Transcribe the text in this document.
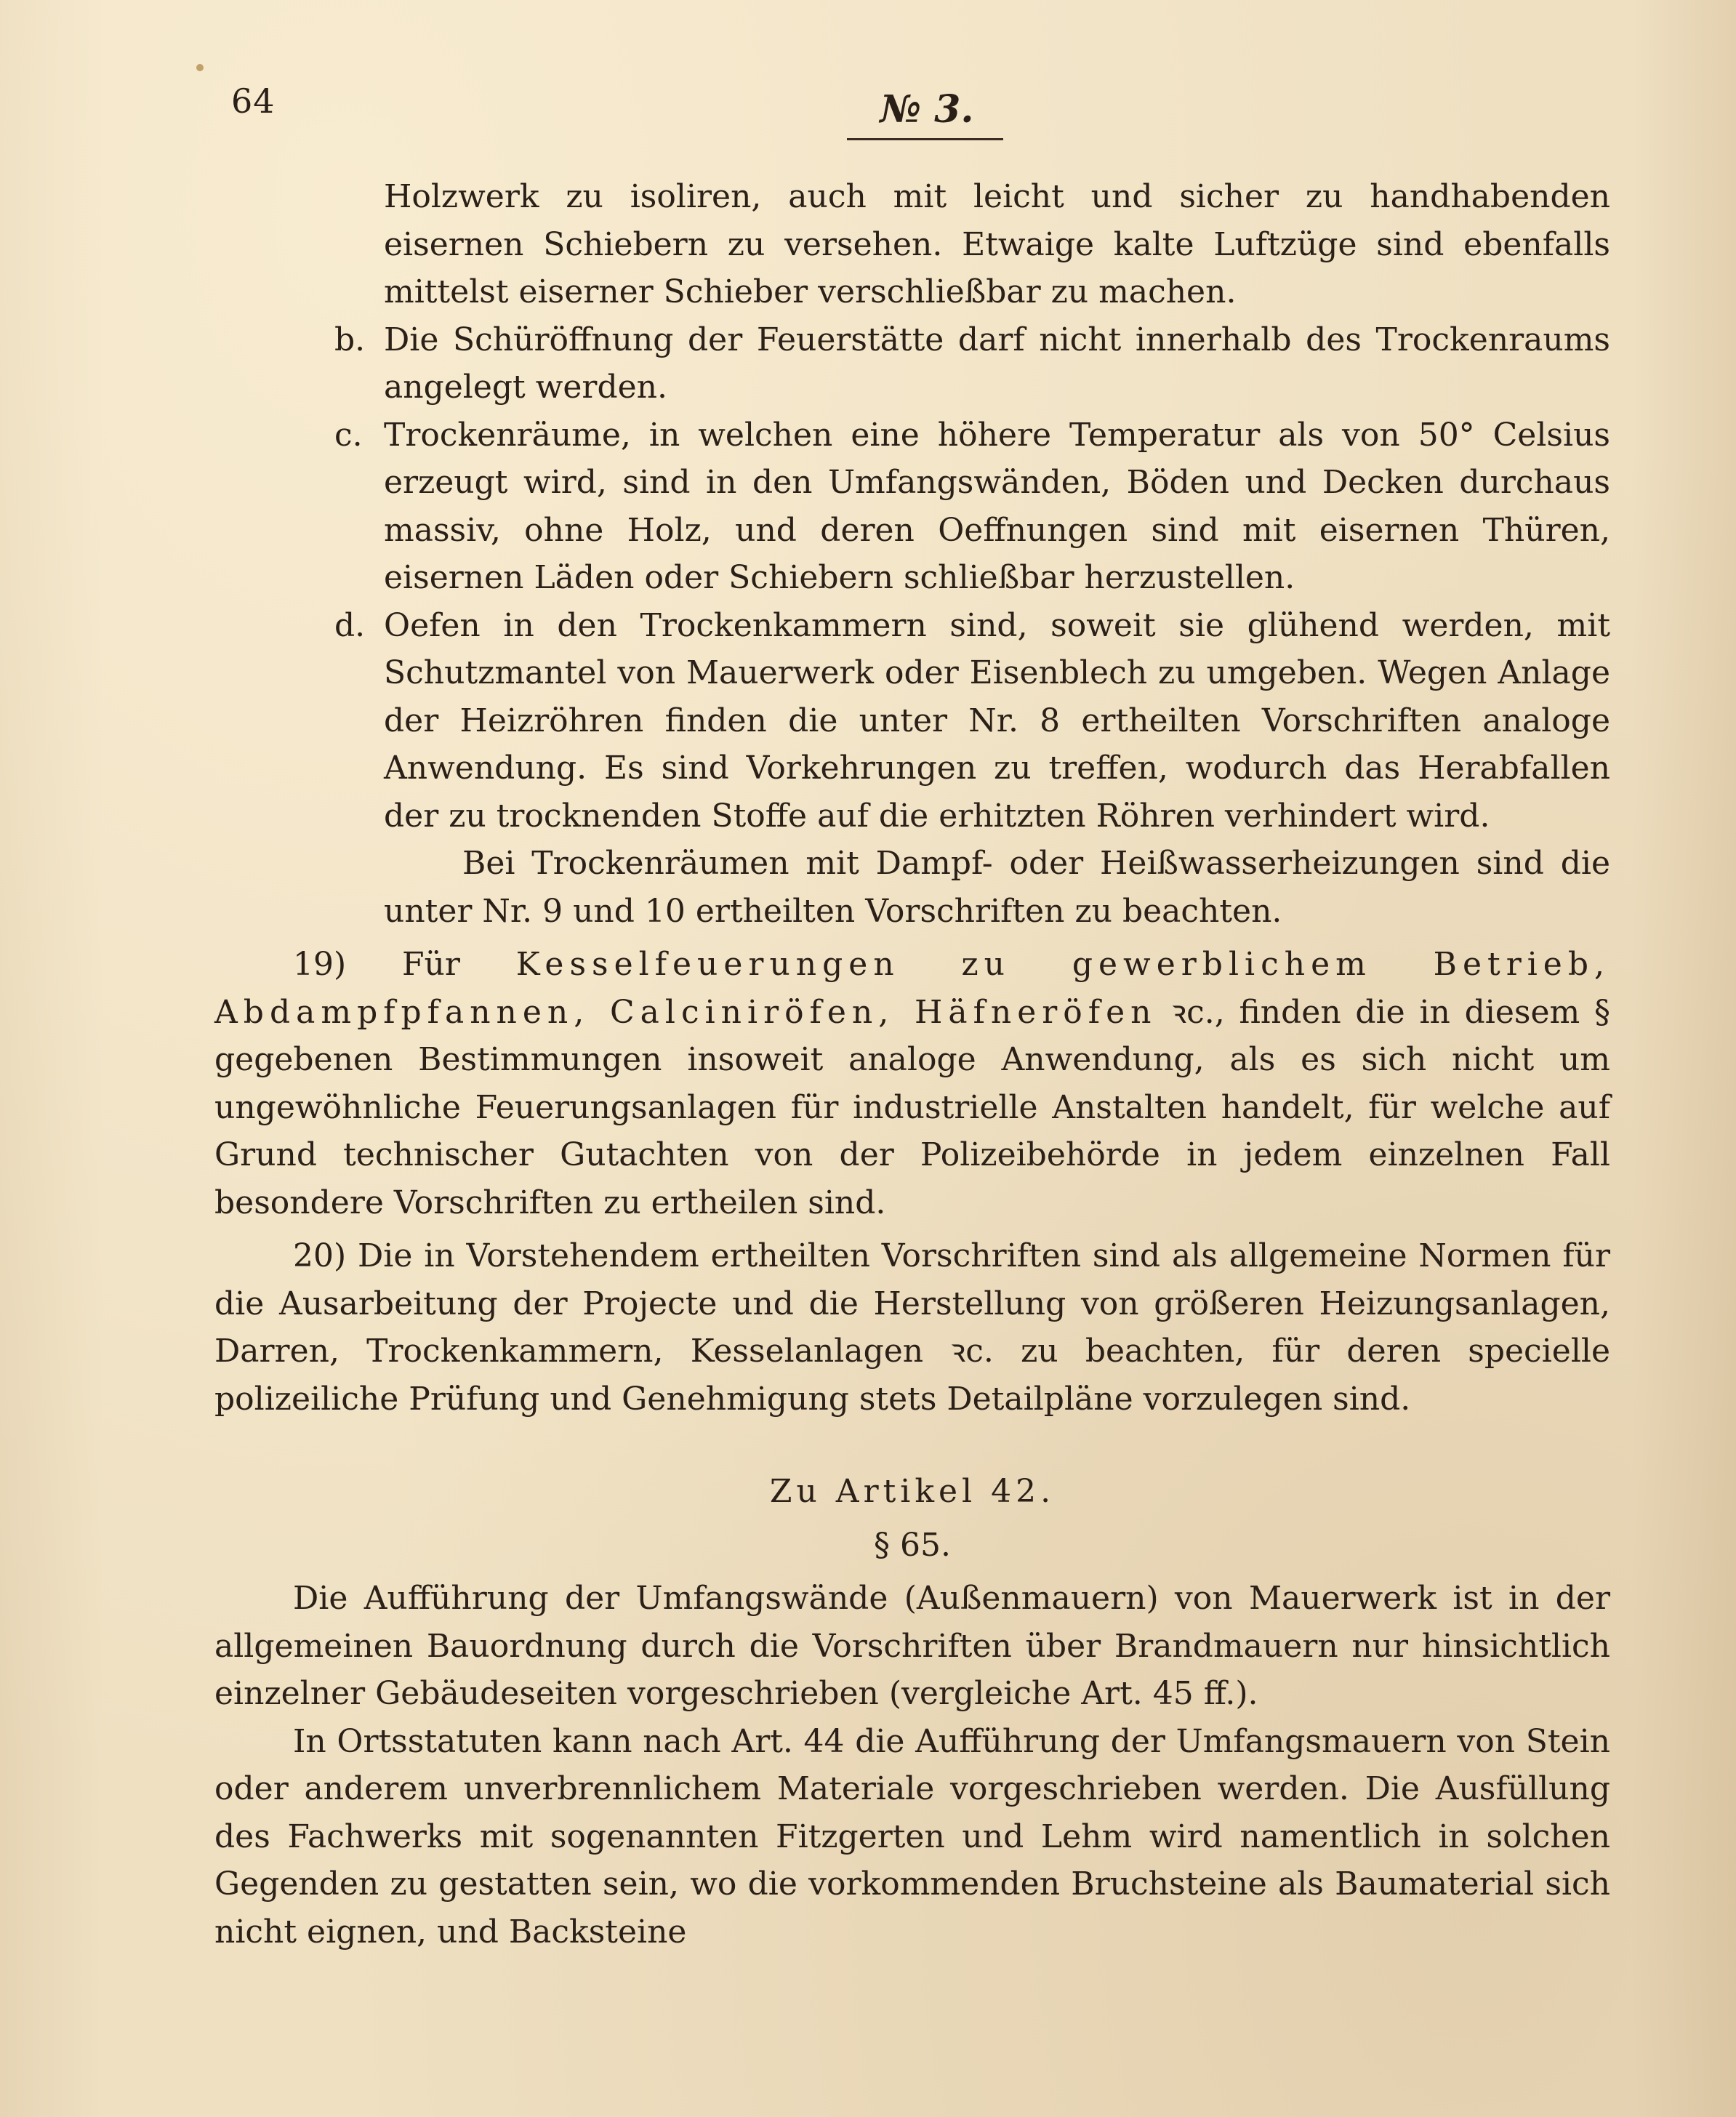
64	№ 3.

Holzwerk zu isoliren, auch mit leicht und sicher zu handhabenden eisernen Schiebern zu versehen. Etwaige kalte Luftzüge sind ebenfalls mittelst eiserner Schieber verschließbar zu machen.

b. Die Schüröffnung der Feuerstätte darf nicht innerhalb des Trockenraums angelegt werden.
c. Trockenräume, in welchen eine höhere Temperatur als von 50° Celsius erzeugt wird, sind in den Umfangswänden, Böden und Decken durchaus massiv, ohne Holz, und deren Oeffnungen sind mit eisernen Thüren, eisernen Läden oder Schiebern schließbar herzustellen.
d. Oefen in den Trockenkammern sind, soweit sie glühend werden, mit Schutzmantel von Mauerwerk oder Eisenblech zu umgeben. Wegen Anlage der Heizröhren finden die unter Nr. 8 ertheilten Vorschriften analoge Anwendung. Es sind Vorkehrungen zu treffen, wodurch das Herabfallen der zu trocknenden Stoffe auf die erhitzten Röhren verhindert wird.

Bei Trockenräumen mit Dampf- oder Heißwasserheizungen sind die unter Nr. 9 und 10 ertheilten Vorschriften zu beachten.

19) Für Kesselfeuerungen zu gewerblichem Betrieb, Abdampfpfannen, Calciniröfen, Häfneröfen ꝛc., finden die in diesem § gegebenen Bestimmungen insoweit analoge Anwendung, als es sich nicht um ungewöhnliche Feuerungsanlagen für industrielle Anstalten handelt, für welche auf Grund technischer Gutachten von der Polizeibehörde in jedem einzelnen Fall besondere Vorschriften zu ertheilen sind.

20) Die in Vorstehendem ertheilten Vorschriften sind als allgemeine Normen für die Ausarbeitung der Projecte und die Herstellung von größeren Heizungsanlagen, Darren, Trockenkammern, Kesselanlagen ꝛc. zu beachten, für deren specielle polizeiliche Prüfung und Genehmigung stets Detailpläne vorzulegen sind.

Zu Artikel 42.

§ 65.

Die Aufführung der Umfangswände (Außenmauern) von Mauerwerk ist in der allgemeinen Bauordnung durch die Vorschriften über Brandmauern nur hinsichtlich einzelner Gebäudeseiten vorgeschrieben (vergleiche Art. 45 ff.).

In Ortsstatuten kann nach Art. 44 die Aufführung der Umfangsmauern von Stein oder anderem unverbrennlichem Materiale vorgeschrieben werden. Die Ausfüllung des Fachwerks mit sogenannten Fitzgerten und Lehm wird namentlich in solchen Gegenden zu gestatten sein, wo die vorkommenden Bruchsteine als Baumaterial sich nicht eignen, und Backsteine
